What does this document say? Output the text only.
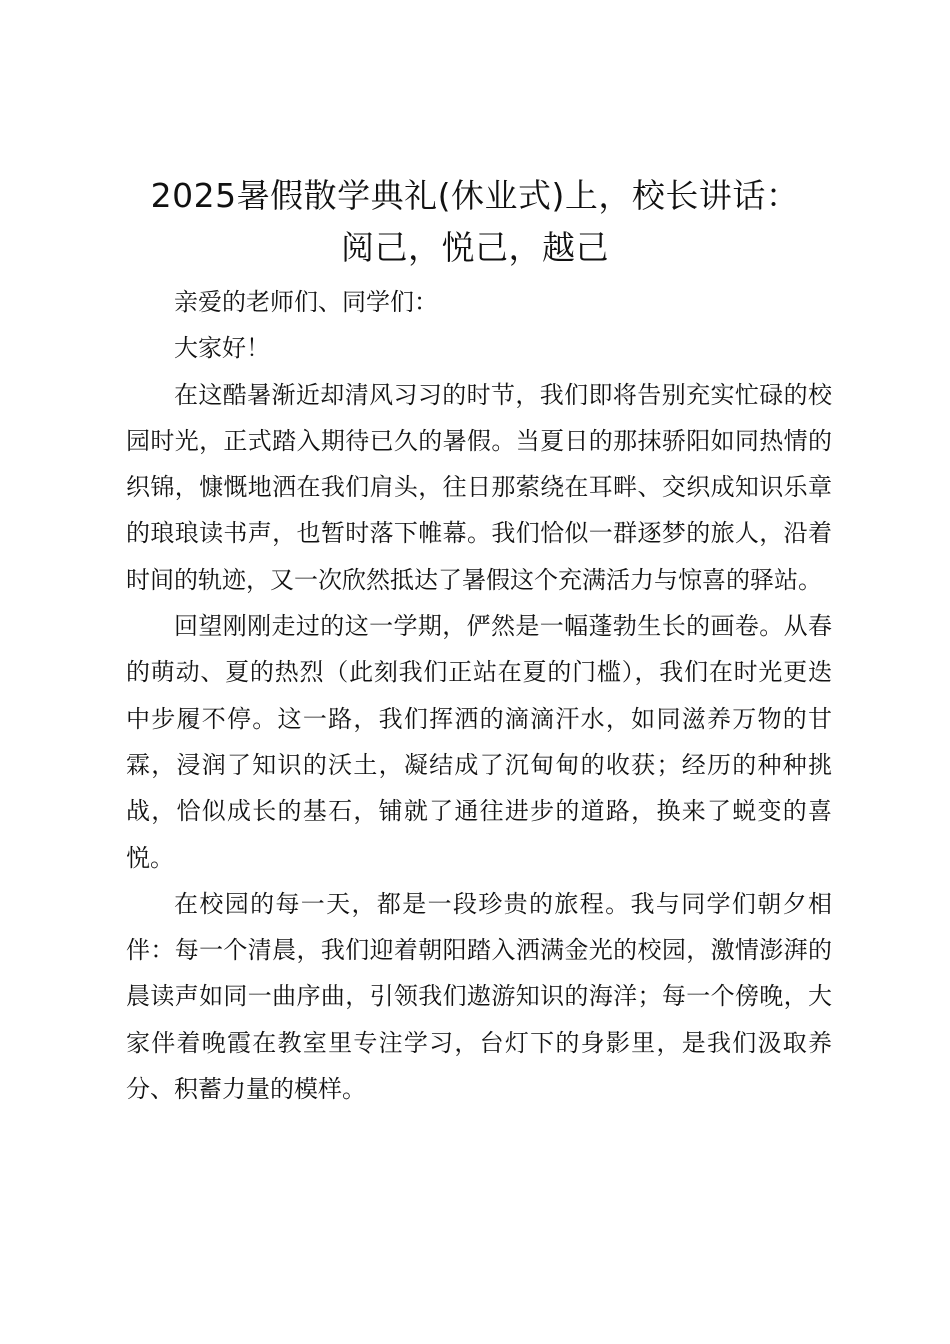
2025暑假散学典礼(休业式)上，校长讲话：
阅己，悦己，越己

亲爱的老师们、同学们：

大家好！

在这酷暑渐近却清风习习的时节，我们即将告别充实忙碌的校园时光，正式踏入期待已久的暑假。当夏日的那抹骄阳如同热情的织锦，慷慨地洒在我们肩头，往日那萦绕在耳畔、交织成知识乐章的琅琅读书声，也暂时落下帷幕。我们恰似一群逐梦的旅人，沿着时间的轨迹，又一次欣然抵达了暑假这个充满活力与惊喜的驿站。

回望刚刚走过的这一学期，俨然是一幅蓬勃生长的画卷。从春的萌动、夏的热烈（此刻我们正站在夏的门槛），我们在时光更迭中步履不停。这一路，我们挥洒的滴滴汗水，如同滋养万物的甘霖，浸润了知识的沃土，凝结成了沉甸甸的收获；经历的种种挑战，恰似成长的基石，铺就了通往进步的道路，换来了蜕变的喜悦。

在校园的每一天，都是一段珍贵的旅程。我与同学们朝夕相伴：每一个清晨，我们迎着朝阳踏入洒满金光的校园，激情澎湃的晨读声如同一曲序曲，引领我们遨游知识的海洋；每一个傍晚，大家伴着晚霞在教室里专注学习，台灯下的身影里，是我们汲取养分、积蓄力量的模样。
